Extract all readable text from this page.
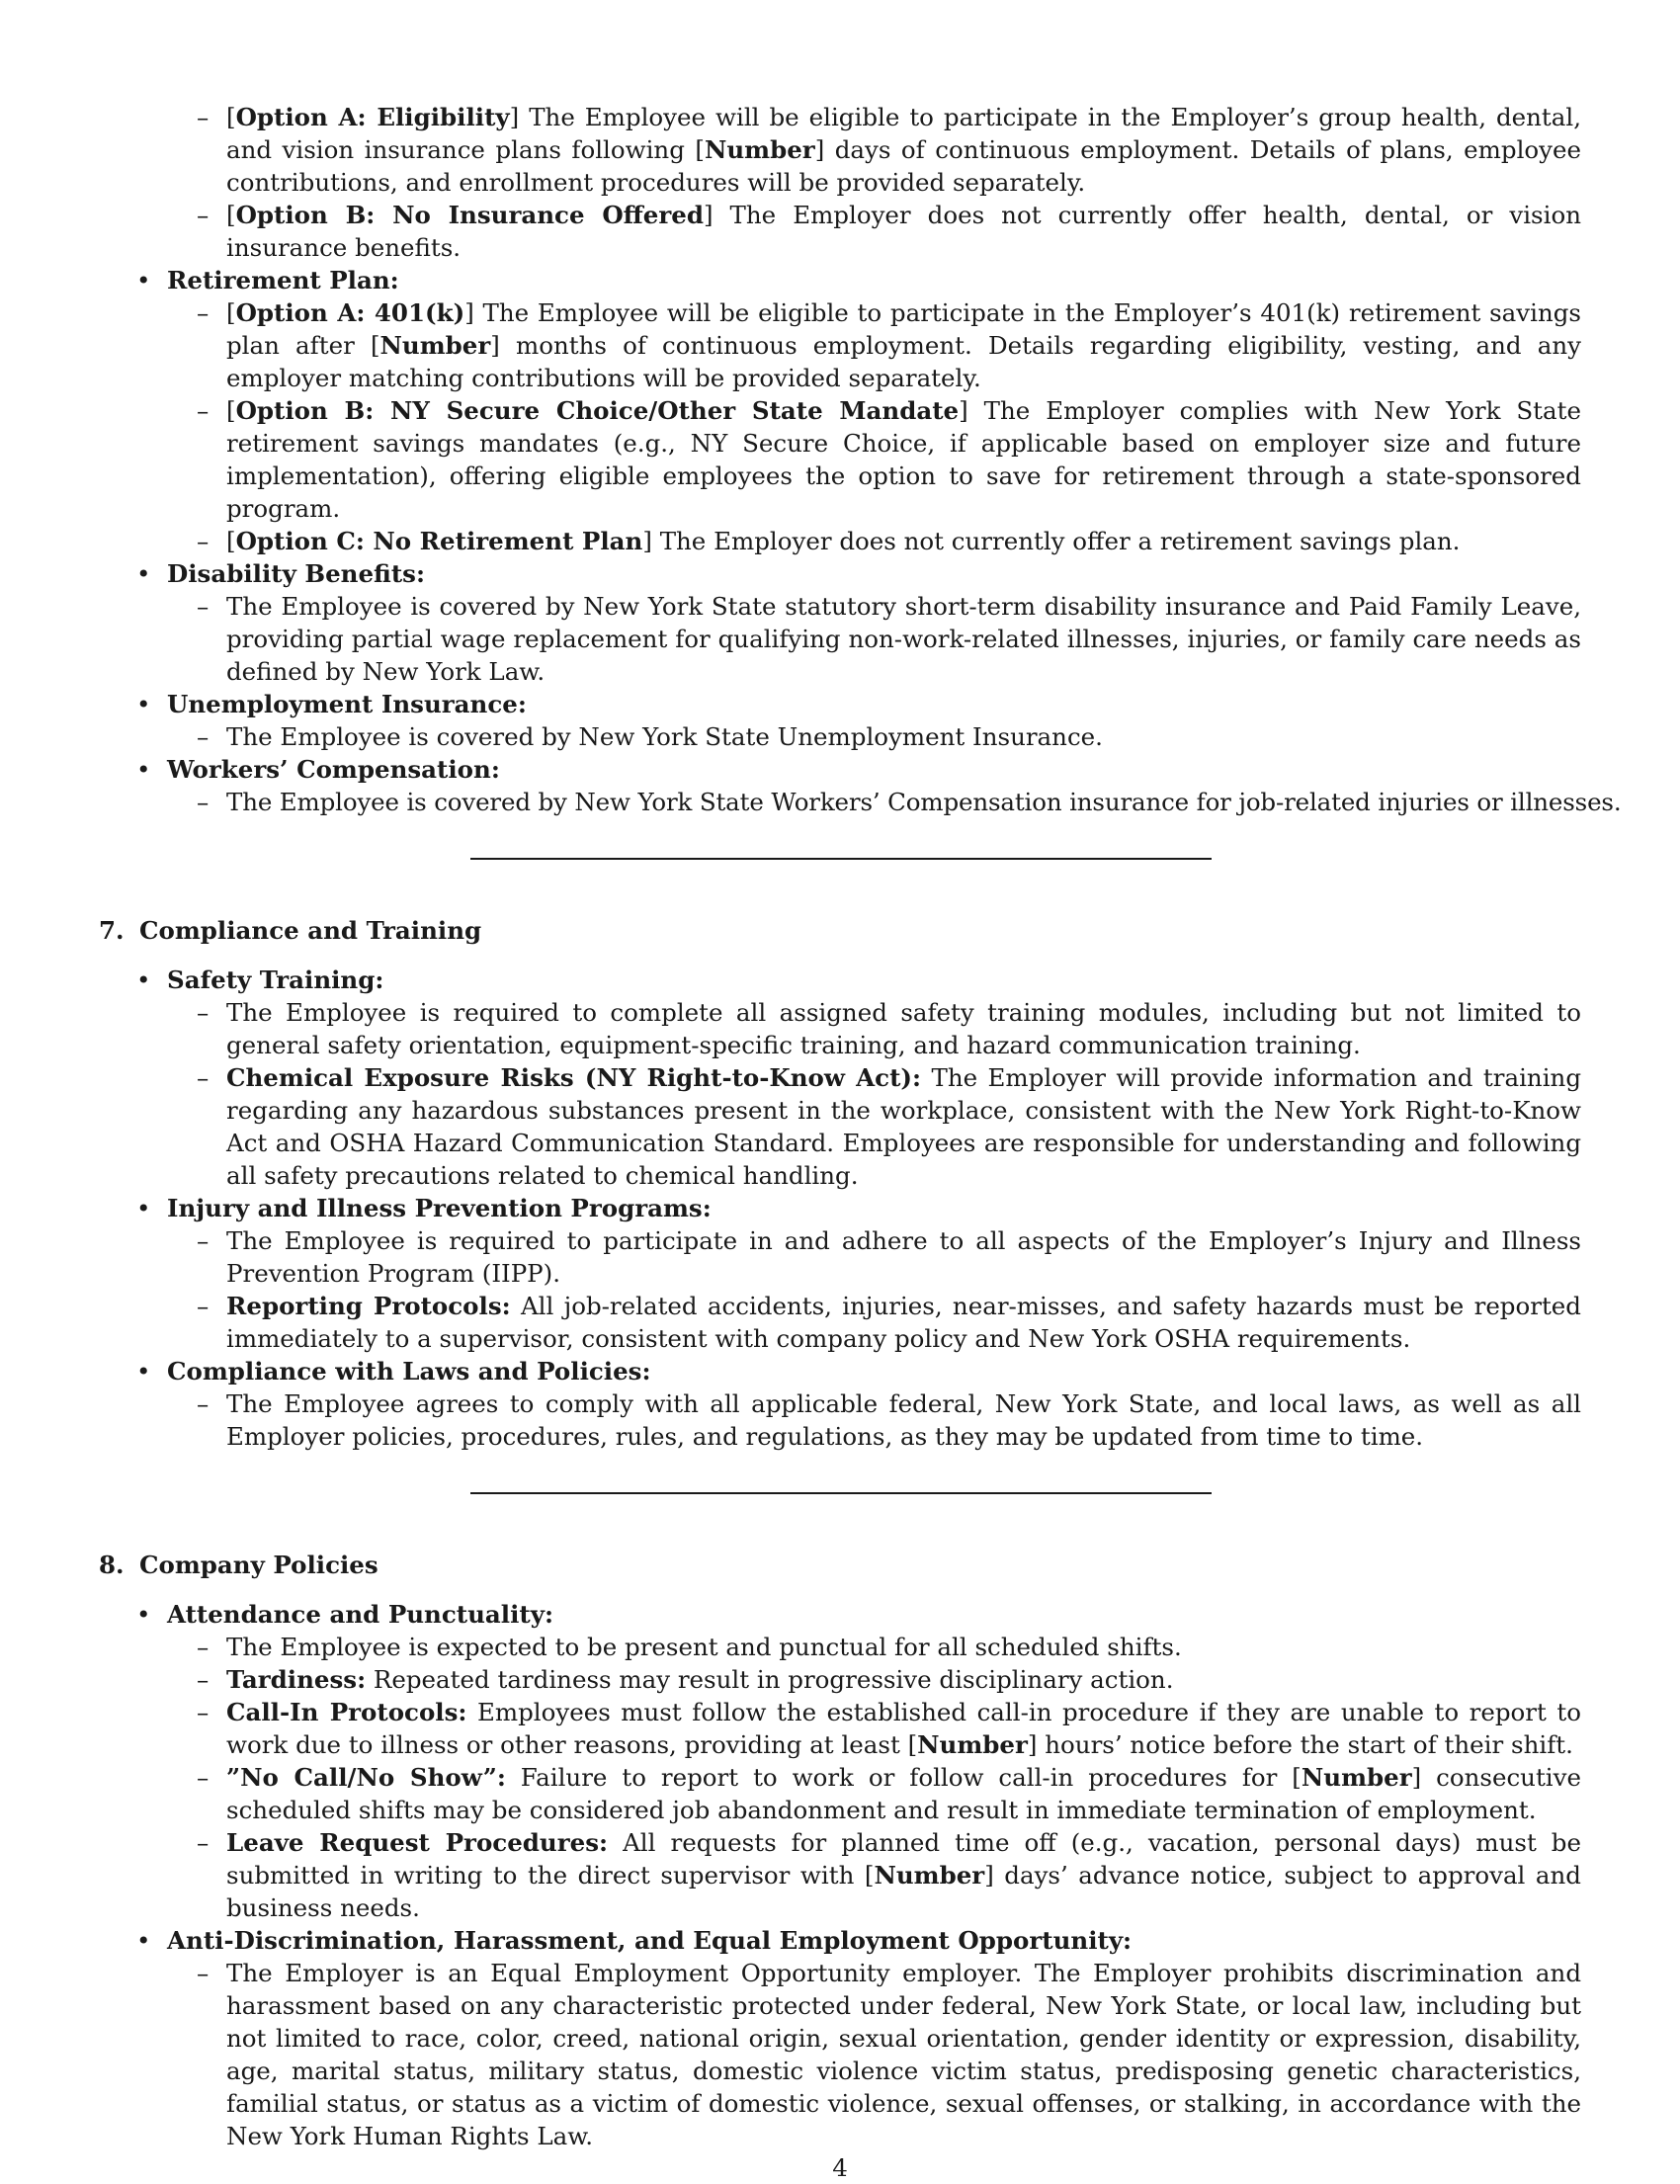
– [Option A: Eligibility] The Employee will be eligible to participate in the Employer’s group health, dental, and vision insurance plans following [Number] days of continuous employment. Details of plans, employee contributions, and enrollment procedures will be provided separately.
– [Option B: No Insurance Offered] The Employer does not currently offer health, dental, or vision insurance benefits.
• Retirement Plan:
– [Option A: 401(k)] The Employee will be eligible to participate in the Employer’s 401(k) retirement savings plan after [Number] months of continuous employment. Details regarding eligibility, vesting, and any employer matching contributions will be provided separately.
– [Option B: NY Secure Choice/Other State Mandate] The Employer complies with New York State retirement savings mandates (e.g., NY Secure Choice, if applicable based on employer size and future implementation), offering eligible employees the option to save for retirement through a state-sponsored program.
– [Option C: No Retirement Plan] The Employer does not currently offer a retirement savings plan.
• Disability Benefits:
– The Employee is covered by New York State statutory short-term disability insurance and Paid Family Leave, providing partial wage replacement for qualifying non-work-related illnesses, injuries, or family care needs as defined by New York Law.
• Unemployment Insurance:
– The Employee is covered by New York State Unemployment Insurance.
• Workers’ Compensation:
– The Employee is covered by New York State Workers’ Compensation insurance for job-related injuries or illnesses.
7. Compliance and Training
• Safety Training:
– The Employee is required to complete all assigned safety training modules, including but not limited to general safety orientation, equipment-specific training, and hazard communication training.
– Chemical Exposure Risks (NY Right-to-Know Act): The Employer will provide information and training regarding any hazardous substances present in the workplace, consistent with the New York Right-to-Know Act and OSHA Hazard Communication Standard. Employees are responsible for understanding and following all safety precautions related to chemical handling.
• Injury and Illness Prevention Programs:
– The Employee is required to participate in and adhere to all aspects of the Employer’s Injury and Illness Prevention Program (IIPP).
– Reporting Protocols: All job-related accidents, injuries, near-misses, and safety hazards must be reported immediately to a supervisor, consistent with company policy and New York OSHA requirements.
• Compliance with Laws and Policies:
– The Employee agrees to comply with all applicable federal, New York State, and local laws, as well as all Employer policies, procedures, rules, and regulations, as they may be updated from time to time.
8. Company Policies
• Attendance and Punctuality:
– The Employee is expected to be present and punctual for all scheduled shifts.
– Tardiness: Repeated tardiness may result in progressive disciplinary action.
– Call-In Protocols: Employees must follow the established call-in procedure if they are unable to report to work due to illness or other reasons, providing at least [Number] hours’ notice before the start of their shift.
– ”No Call/No Show”: Failure to report to work or follow call-in procedures for [Number] consecutive scheduled shifts may be considered job abandonment and result in immediate termination of employment.
– Leave Request Procedures: All requests for planned time off (e.g., vacation, personal days) must be submitted in writing to the direct supervisor with [Number] days’ advance notice, subject to approval and business needs.
• Anti-Discrimination, Harassment, and Equal Employment Opportunity:
– The Employer is an Equal Employment Opportunity employer. The Employer prohibits discrimination and harassment based on any characteristic protected under federal, New York State, or local law, including but not limited to race, color, creed, national origin, sexual orientation, gender identity or expression, disability, age, marital status, military status, domestic violence victim status, predisposing genetic characteristics, familial status, or status as a victim of domestic violence, sexual offenses, or stalking, in accordance with the New York Human Rights Law.
4
